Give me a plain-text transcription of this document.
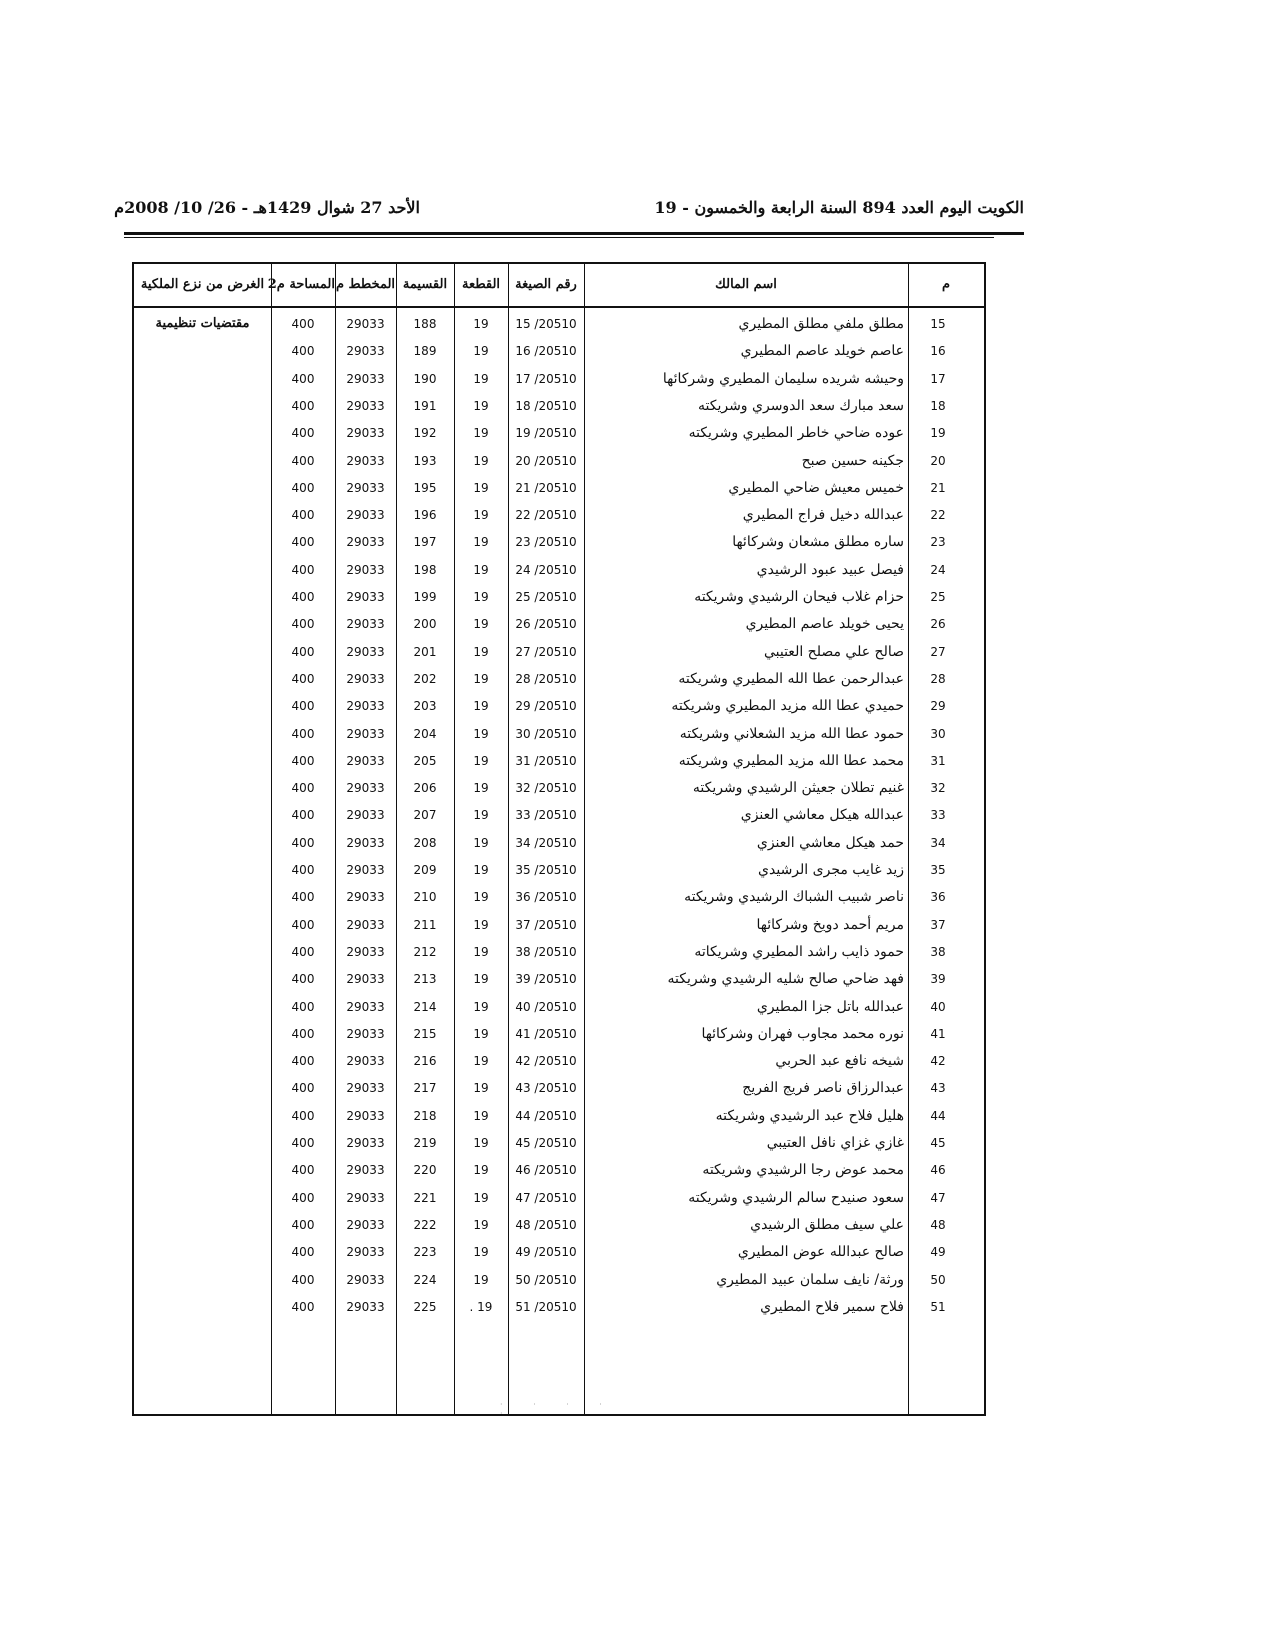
الكويت اليوم العدد 894 السنة الرابعة والخمسون - 19
الأحد 27 شوال 1429هـ - 26/ 10/ 2008م
م
اسم المالك
رقم الصيغة
القطعة
القسيمة
المخطط م
المساحة م2
الغرض من نزع الملكية
15
مطلق ملفي مطلق المطيري
15 /20510
19
188
29033
400
مقتضيات تنظيمية
16
عاصم خويلد عاصم المطيري
16 /20510
19
189
29033
400
17
وحيشه شريده سليمان المطيري وشركائها
17 /20510
19
190
29033
400
18
سعد مبارك سعد الدوسري وشريكته
18 /20510
19
191
29033
400
19
عوده ضاحي خاطر المطيري وشريكته
19 /20510
19
192
29033
400
20
جكينه حسين صبح
20 /20510
19
193
29033
400
21
خميس معيش ضاحي المطيري
21 /20510
19
195
29033
400
22
عبدالله دخيل فراج المطيري
22 /20510
19
196
29033
400
23
ساره مطلق مشعان وشركائها
23 /20510
19
197
29033
400
24
فيصل عبيد عبود الرشيدي
24 /20510
19
198
29033
400
25
حزام غلاب فيحان الرشيدي وشريكته
25 /20510
19
199
29033
400
26
يحيى خويلد عاصم المطيري
26 /20510
19
200
29033
400
27
صالح علي مصلح العتيبي
27 /20510
19
201
29033
400
28
عبدالرحمن عطا الله المطيري وشريكته
28 /20510
19
202
29033
400
29
حميدي عطا الله مزيد المطيري وشريكته
29 /20510
19
203
29033
400
30
حمود عطا الله مزيد الشعلاني وشريكته
30 /20510
19
204
29033
400
31
محمد عطا الله مزيد المطيري وشريكته
31 /20510
19
205
29033
400
32
غنيم تطلان جعيثن الرشيدي وشريكته
32 /20510
19
206
29033
400
33
عبدالله هيكل معاشي العنزي
33 /20510
19
207
29033
400
34
حمد هيكل معاشي العنزي
34 /20510
19
208
29033
400
35
زيد غايب مجرى الرشيدي
35 /20510
19
209
29033
400
36
ناصر شبيب الشباك الرشيدي وشريكته
36 /20510
19
210
29033
400
37
مريم أحمد دويخ وشركائها
37 /20510
19
211
29033
400
38
حمود ذايب راشد المطيري وشريكاته
38 /20510
19
212
29033
400
39
فهد ضاحي صالح شليه الرشيدي وشريكته
39 /20510
19
213
29033
400
40
عبدالله باتل جزا المطيري
40 /20510
19
214
29033
400
41
نوره محمد مجاوب فهران وشركائها
41 /20510
19
215
29033
400
42
شيخه نافع عبد الحربي
42 /20510
19
216
29033
400
43
عبدالرزاق ناصر فريج الفريج
43 /20510
19
217
29033
400
44
هليل فلاح عبد الرشيدي وشريكته
44 /20510
19
218
29033
400
45
غازي غزاي نافل العتيبي
45 /20510
19
219
29033
400
46
محمد عوض رجا الرشيدي وشريكته
46 /20510
19
220
29033
400
47
سعود صنيدح سالم الرشيدي وشريكته
47 /20510
19
221
29033
400
48
علي سيف مطلق الرشيدي
48 /20510
19
222
29033
400
49
صالح عبدالله عوض المطيري
49 /20510
19
223
29033
400
50
ورثة/ نايف سلمان عبيد المطيري
50 /20510
19
224
29033
400
51
فلاح سمير فلاح المطيري
51 /20510
. 19
225
29033
400
· · · · ·
